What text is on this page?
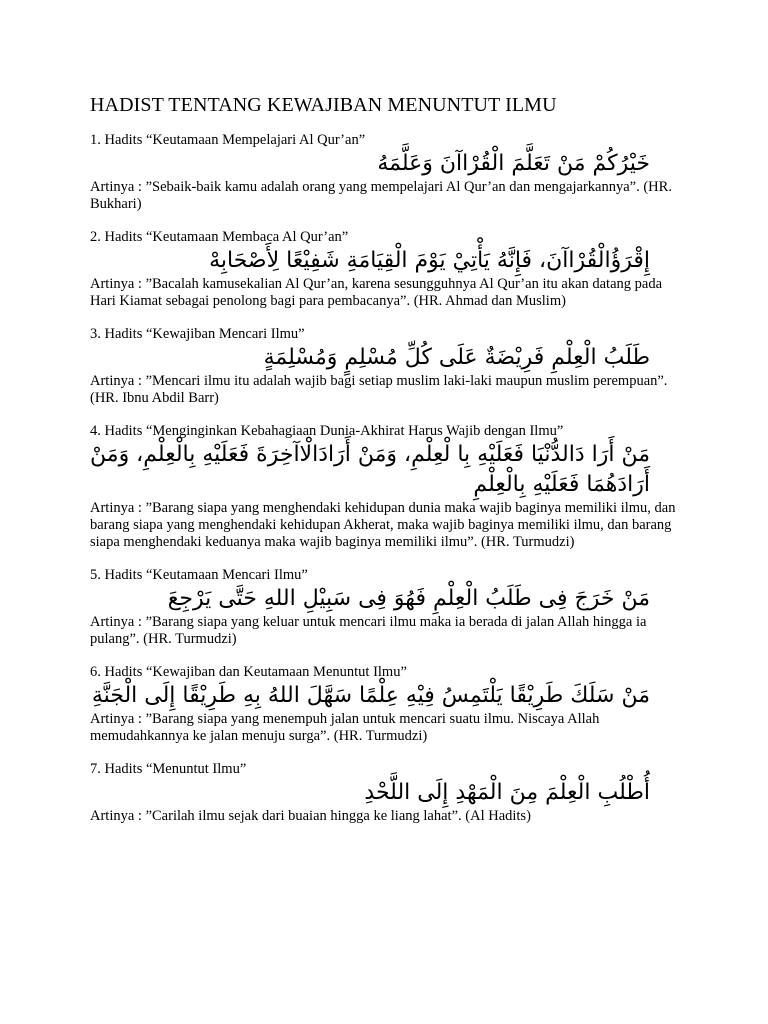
HADIST TENTANG KEWAJIBAN MENUNTUT ILMU
1. Hadits “Keutamaan Mempelajari Al Qur’an”
خَيْرُكُمْ مَنْ تَعَلَّمَ الْقُرْاآنَ وَعَلَّمَهُ
Artinya : ”Sebaik-baik kamu adalah orang yang mempelajari Al Qur’an dan mengajarkannya”. (HR. Bukhari)
2. Hadits “Keutamaan Membaca Al Qur’an”
إِقْرَؤُالْقُرْاآنَ، فَإِنَّهُ يَأْتِيْ يَوْمَ الْقِيَامَةِ شَفِيْعًا لِأَصْحَابِهْ
Artinya : ”Bacalah kamusekalian Al Qur’an, karena sesungguhnya Al Qur’an itu akan datang pada Hari Kiamat sebagai penolong bagi para pembacanya”. (HR. Ahmad dan Muslim)
3. Hadits “Kewajiban Mencari Ilmu”
طَلَبُ الْعِلْمِ فَرِيْضَةٌ عَلَى كُلِّ مُسْلِمٍ وَمُسْلِمَةٍ
Artinya : ”Mencari ilmu itu adalah wajib bagi setiap muslim laki-laki maupun muslim perempuan”. (HR. Ibnu Abdil Barr)
4. Hadits “Menginginkan Kebahagiaan Dunia-Akhirat Harus Wajib dengan Ilmu”
مَنْ أَرَا دَالدُّنْيَا فَعَلَيْهِ بِا لْعِلْمِ، وَمَنْ أَرَادَالْاآخِرَةَ فَعَلَيْهِ بِالْعِلْمِ، وَمَنْ أَرَادَهُمَا فَعَلَيْهِ بِالْعِلْمِ
Artinya : ”Barang siapa yang menghendaki kehidupan dunia maka wajib baginya memiliki ilmu, dan barang siapa yang menghendaki kehidupan Akherat, maka wajib baginya memiliki ilmu, dan barang siapa menghendaki keduanya maka wajib baginya memiliki ilmu”. (HR. Turmudzi)
5. Hadits “Keutamaan Mencari Ilmu”
مَنْ خَرَجَ فِى طَلَبُ الْعِلْمِ فَهُوَ فِى سَبِيْلِ اللهِ حَتَّى يَرْجِعَ
Artinya : ”Barang siapa yang keluar untuk mencari ilmu maka ia berada di jalan Allah hingga ia pulang”. (HR. Turmudzi)
6. Hadits “Kewajiban dan Keutamaan Menuntut Ilmu”
مَنْ سَلَكَ طَرِيْقًا يَلْتَمِسُ فِيْهِ عِلْمًا سَهَّلَ اللهُ بِهِ طَرِيْقًا إِلَى الْجَنَّةِ
Artinya : ”Barang siapa yang menempuh jalan untuk mencari suatu ilmu. Niscaya Allah memudahkannya ke jalan menuju surga”. (HR. Turmudzi)
7. Hadits “Menuntut Ilmu”
أُطْلُبِ الْعِلْمَ مِنَ الْمَهْدِ إِلَى اللَّحْدِ
Artinya : ”Carilah ilmu sejak dari buaian hingga ke liang lahat”. (Al Hadits)
